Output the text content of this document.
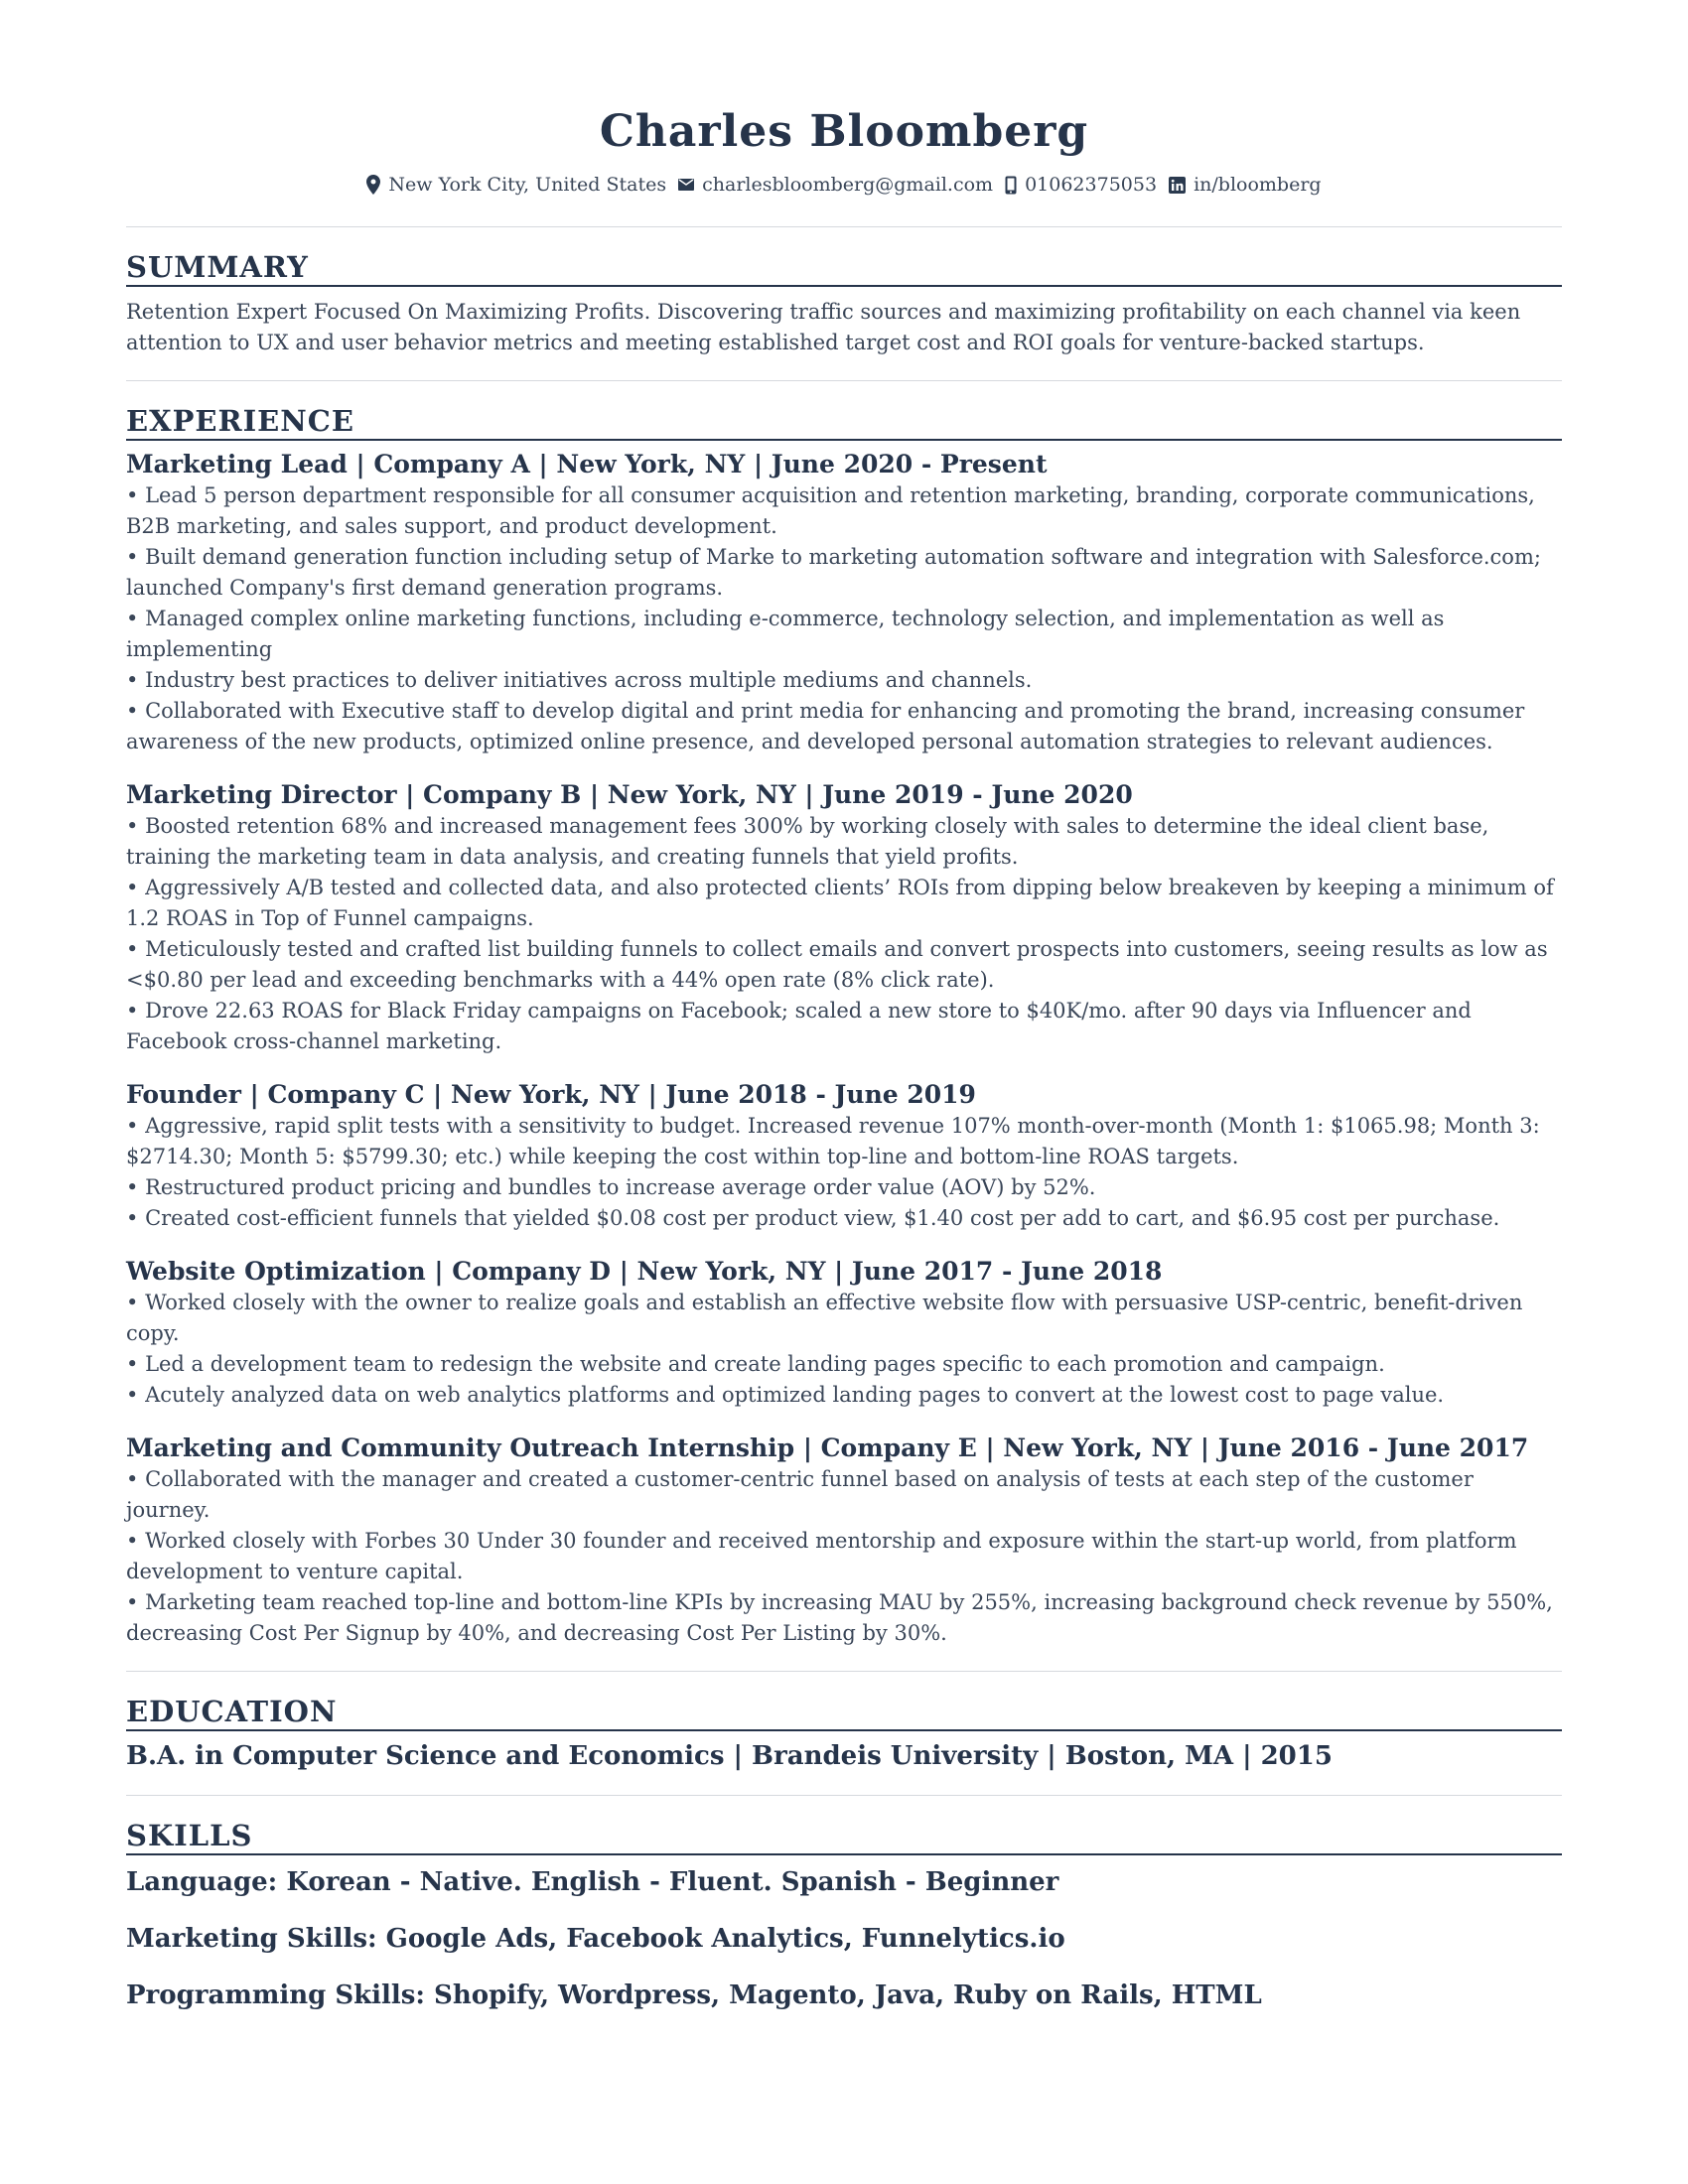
Charles Bloomberg
New York City, United States charlesbloomberg@gmail.com 01062375053 in/bloomberg
SUMMARY
Retention Expert Focused On Maximizing Profits. Discovering traffic sources and maximizing profitability on each channel via keen attention to UX and user behavior metrics and meeting established target cost and ROI goals for venture-backed startups.
EXPERIENCE
Marketing Lead | Company A | New York, NY | June 2020 - Present
• Lead 5 person department responsible for all consumer acquisition and retention marketing, branding, corporate communications, B2B marketing, and sales support, and product development.
• Built demand generation function including setup of Marke to marketing automation software and integration with Salesforce.com; launched Company's first demand generation programs.
• Managed complex online marketing functions, including e-commerce, technology selection, and implementation as well as implementing
• Industry best practices to deliver initiatives across multiple mediums and channels.
• Collaborated with Executive staff to develop digital and print media for enhancing and promoting the brand, increasing consumer awareness of the new products, optimized online presence, and developed personal automation strategies to relevant audiences.
Marketing Director | Company B | New York, NY | June 2019 - June 2020
• Boosted retention 68% and increased management fees 300% by working closely with sales to determine the ideal client base, training the marketing team in data analysis, and creating funnels that yield profits.
• Aggressively A/B tested and collected data, and also protected clients’ ROIs from dipping below breakeven by keeping a minimum of 1.2 ROAS in Top of Funnel campaigns.
• Meticulously tested and crafted list building funnels to collect emails and convert prospects into customers, seeing results as low as <$0.80 per lead and exceeding benchmarks with a 44% open rate (8% click rate).
• Drove 22.63 ROAS for Black Friday campaigns on Facebook; scaled a new store to $40K/mo. after 90 days via Influencer and Facebook cross-channel marketing.
Founder | Company C | New York, NY | June 2018 - June 2019
• Aggressive, rapid split tests with a sensitivity to budget. Increased revenue 107% month-over-month (Month 1: $1065.98; Month 3: $2714.30; Month 5: $5799.30; etc.) while keeping the cost within top-line and bottom-line ROAS targets.
• Restructured product pricing and bundles to increase average order value (AOV) by 52%.
• Created cost-efficient funnels that yielded $0.08 cost per product view, $1.40 cost per add to cart, and $6.95 cost per purchase.
Website Optimization | Company D | New York, NY | June 2017 - June 2018
• Worked closely with the owner to realize goals and establish an effective website flow with persuasive USP-centric, benefit-driven copy.
• Led a development team to redesign the website and create landing pages specific to each promotion and campaign.
• Acutely analyzed data on web analytics platforms and optimized landing pages to convert at the lowest cost to page value.
Marketing and Community Outreach Internship | Company E | New York, NY | June 2016 - June 2017
• Collaborated with the manager and created a customer-centric funnel based on analysis of tests at each step of the customer journey.
• Worked closely with Forbes 30 Under 30 founder and received mentorship and exposure within the start-up world, from platform development to venture capital.
• Marketing team reached top-line and bottom-line KPIs by increasing MAU by 255%, increasing background check revenue by 550%, decreasing Cost Per Signup by 40%, and decreasing Cost Per Listing by 30%.
EDUCATION
B.A. in Computer Science and Economics | Brandeis University | Boston, MA | 2015
SKILLS
Language: Korean - Native. English - Fluent. Spanish - Beginner
Marketing Skills: Google Ads, Facebook Analytics, Funnelytics.io
Programming Skills: Shopify, Wordpress, Magento, Java, Ruby on Rails, HTML
